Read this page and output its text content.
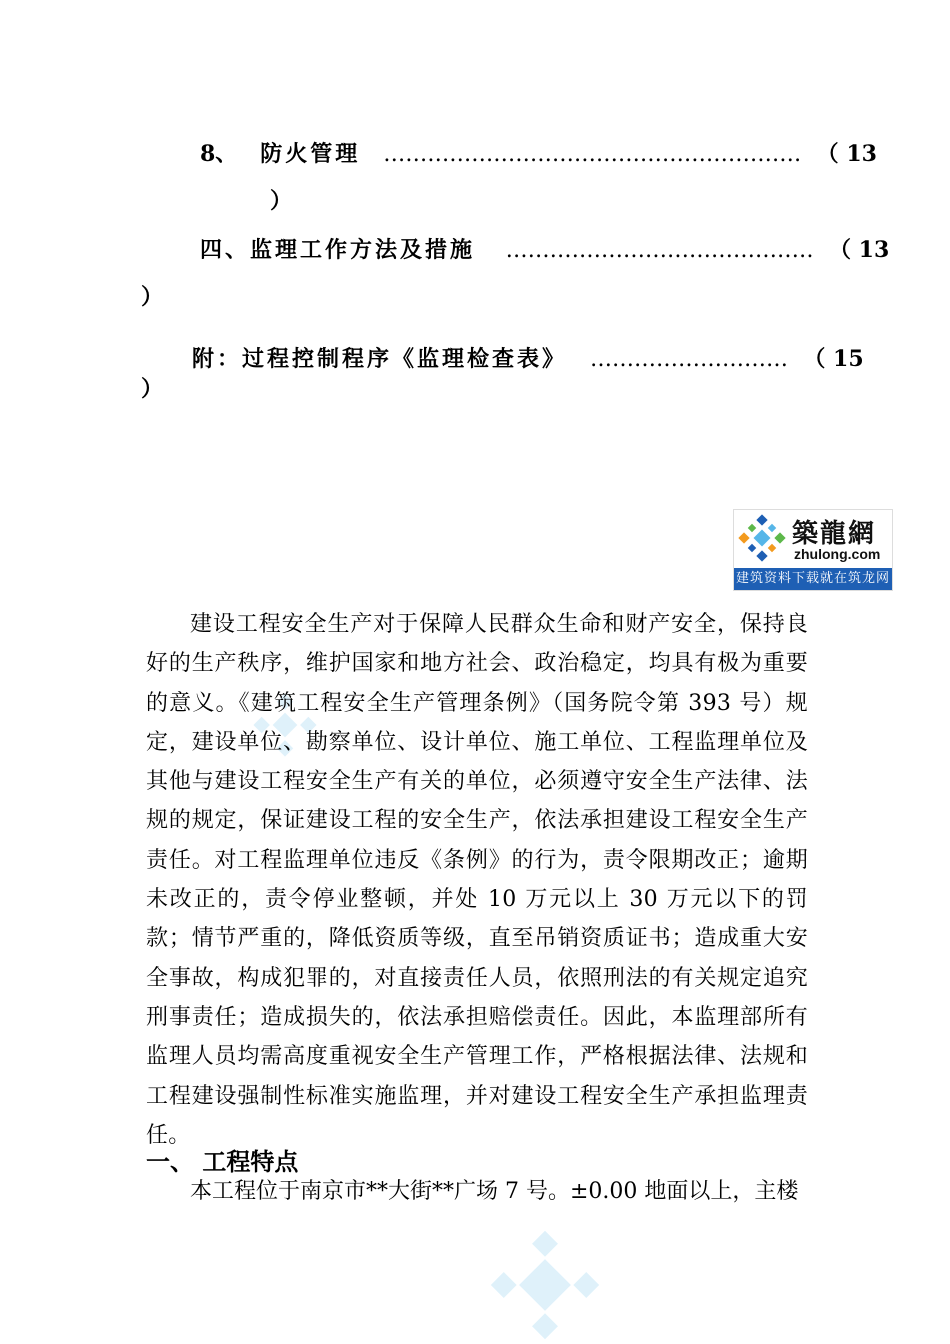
8、 防火管理 ………………………………………………… （ 13
）
四、监理工作方法及措施 …………………………………… （ 13
）
附：过程控制程序《监理检查表》 ……………………… （ 15
）
築龍網
zhulong.com
建筑资料下载就在筑龙网
建设工程安全生产对于保障人民群众生命和财产安全，保持良好的生产秩序，维护国家和地方社会、政治稳定，均具有极为重要的意义。《建筑工程安全生产管理条例》（国务院令第 393 号）规定，建设单位、勘察单位、设计单位、施工单位、工程监理单位及其他与建设工程安全生产有关的单位，必须遵守安全生产法律、法规的规定，保证建设工程的安全生产，依法承担建设工程安全生产责任。对工程监理单位违反《条例》的行为，责令限期改正；逾期未改正的，责令停业整顿，并处 10 万元以上 30 万元以下的罚款；情节严重的，降低资质等级，直至吊销资质证书；造成重大安全事故，构成犯罪的，对直接责任人员，依照刑法的有关规定追究刑事责任；造成损失的，依法承担赔偿责任。因此，本监理部所有监理人员均需高度重视安全生产管理工作，严格根据法律、法规和工程建设强制性标准实施监理，并对建设工程安全生产承担监理责任。
一、 工程特点
本工程位于南京市**大街**广场 7 号。±0.00 地面以上，主楼
